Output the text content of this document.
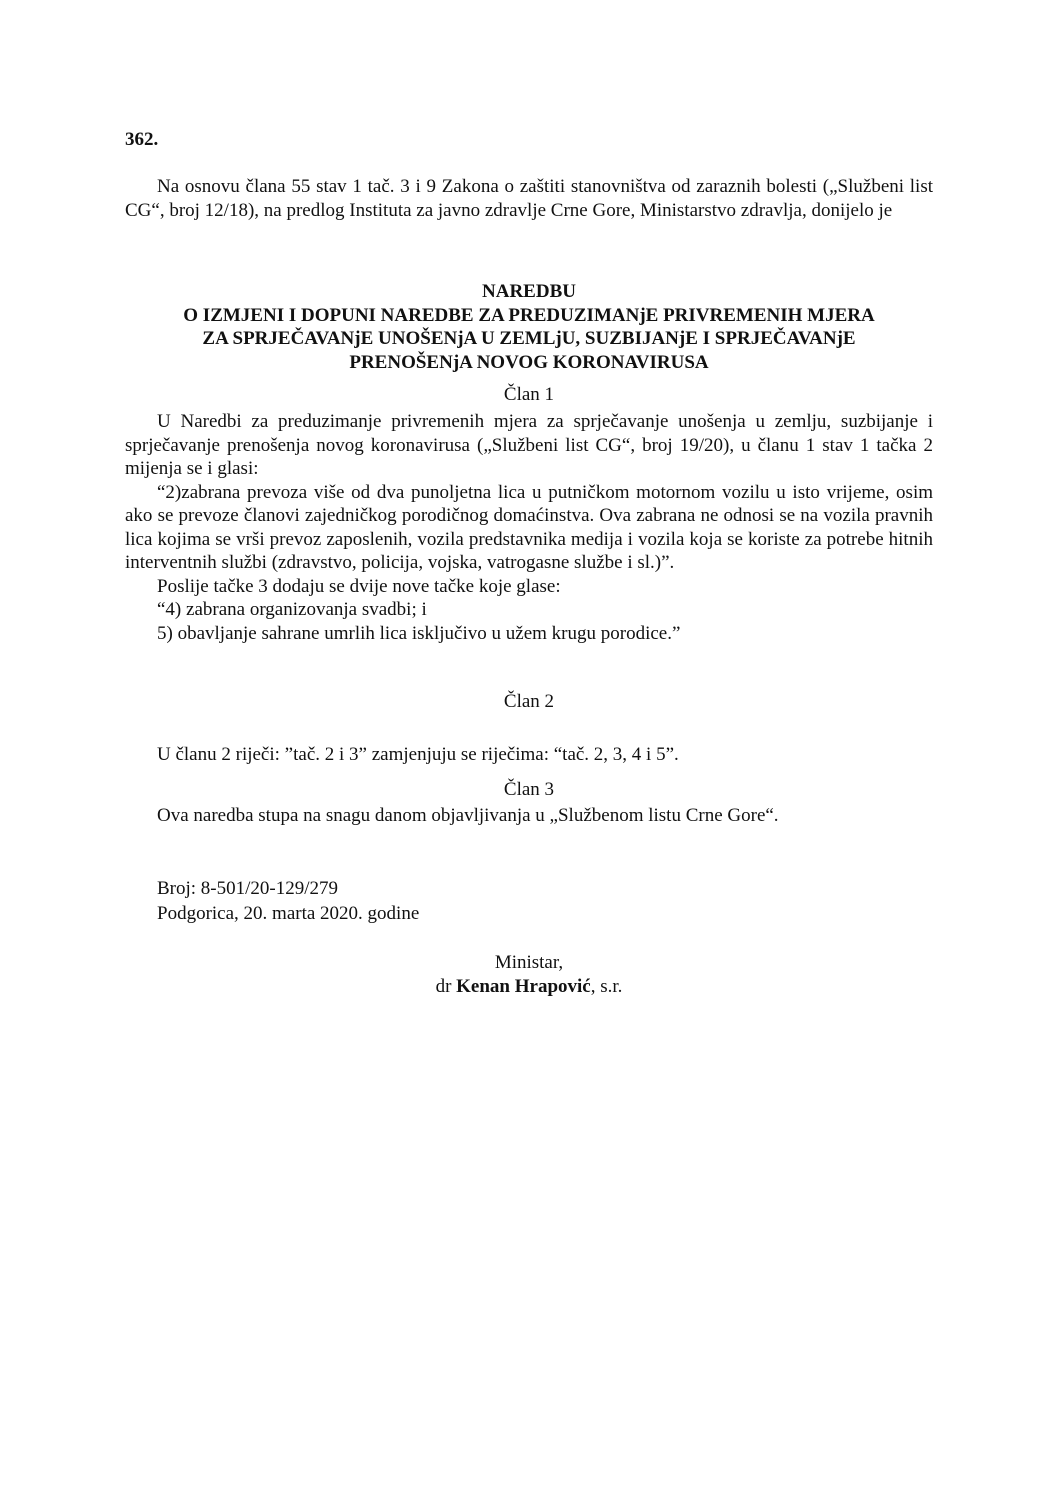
362.

Na osnovu člana 55 stav 1 tač. 3 i 9 Zakona o zaštiti stanovništva od zaraznih bolesti („Službeni list CG“, broj 12/18), na predlog Instituta za javno zdravlje Crne Gore, Ministarstvo zdravlja, donijelo je

NAREDBU
O IZMJENI I DOPUNI NAREDBE ZA PREDUZIMANjE PRIVREMENIH MJERA
ZA SPRJEČAVANjE UNOŠENjA U ZEMLjU, SUZBIJANjE I SPRJEČAVANjE
PRENOŠENjA NOVOG KORONAVIRUSA
Član 1

U Naredbi za preduzimanje privremenih mjera za sprječavanje unošenja u zemlju, suzbijanje i sprječavanje prenošenja novog koronavirusa („Službeni list CG“, broj 19/20), u članu 1 stav 1 tačka 2 mijenja se i glasi:

“2)zabrana prevoza više od dva punoljetna lica u putničkom motornom vozilu u isto vrijeme, osim ako se prevoze članovi zajedničkog porodičnog domaćinstva. Ova zabrana ne odnosi se na vozila pravnih lica kojima se vrši prevoz zaposlenih, vozila predstavnika medija i vozila koja se koriste za potrebe hitnih interventnih službi (zdravstvo, policija, vojska, vatrogasne službe i sl.)”.

Poslije tačke 3 dodaju se dvije nove tačke koje glase:

“4) zabrana organizovanja svadbi; i

5) obavljanje sahrane umrlih lica isključivo u užem krugu porodice.”

Član 2
U članu 2 riječi: ”tač. 2 i 3” zamjenjuju se riječima: “tač. 2, 3, 4 i 5”.
Član 3
Ova naredba stupa na snagu danom objavljivanja u „Službenom listu Crne Gore“.
Broj: 8-501/20-129/279
Podgorica, 20. marta 2020. godine
Ministar,
dr Kenan Hrapović, s.r.
